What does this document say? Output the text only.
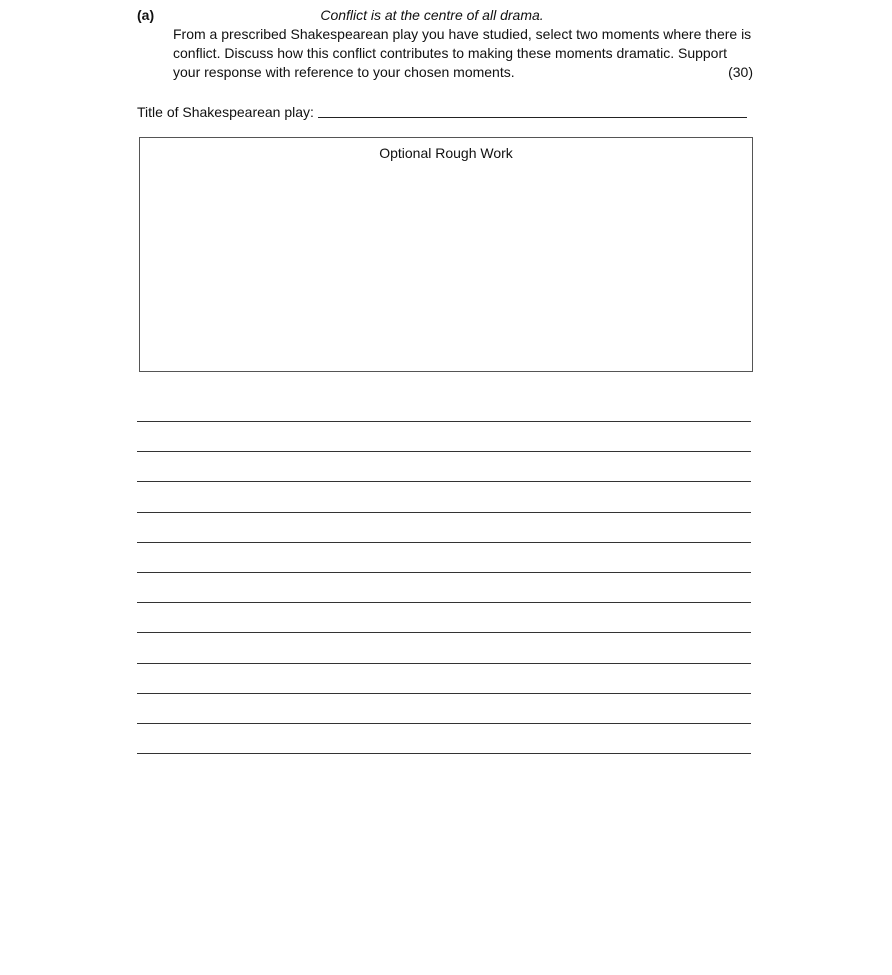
(a)	Conflict is at the centre of all drama.
From a prescribed Shakespearean play you have studied, select two moments where there is
conflict. Discuss how this conflict contributes to making these moments dramatic. Support
your response with reference to your chosen moments.	(30)
Title of Shakespearean play:
Optional Rough Work
